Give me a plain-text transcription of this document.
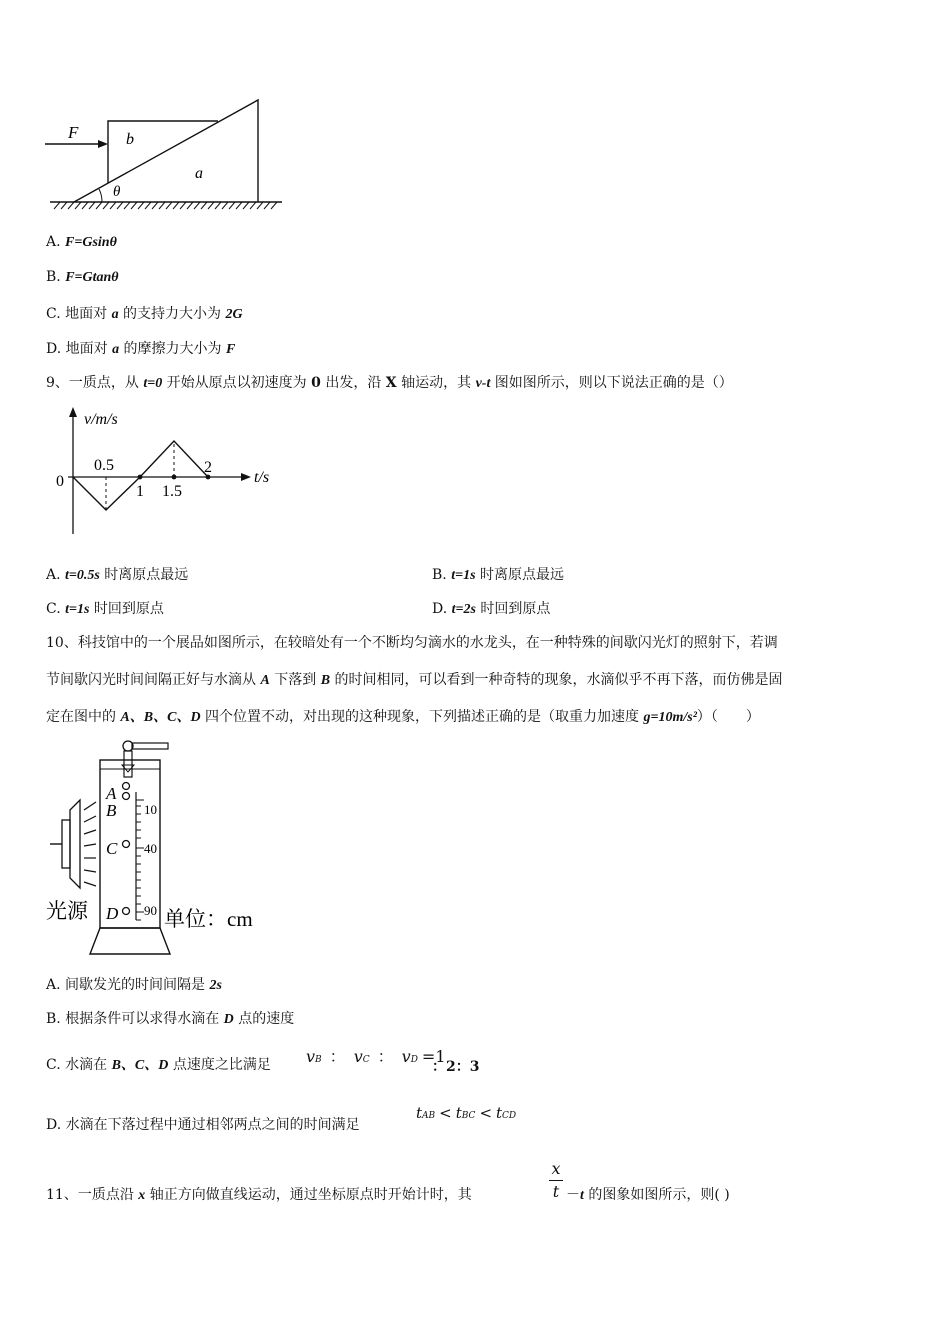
F	b
a
θ
A. F=Gsinθ
B. F=Gtanθ
C. 地面对 a 的支持力大小为 2G
D. 地面对 a 的摩擦力大小为 F
9、一质点，从 t=0 开始从原点以初速度为 0 出发，沿 X 轴运动，其 v-t 图如图所示，则以下说法正确的是（）
v/m/s
t/s
0
0.5
1 1.5
2
A. t=0.5s 时离原点最远	B. t=1s 时离原点最远
C. t=1s 时回到原点	D. t=2s 时回到原点
10、科技馆中的一个展品如图所示，在较暗处有一个不断均匀滴水的水龙头，在一种特殊的间歇闪光灯的照射下，若调
节间歇闪光时间间隔正好与水滴从 A 下落到 B 的时间相同，可以看到一种奇特的现象，水滴似乎不再下落，而仿佛是固
定在图中的 A、B、C、D 四个位置不动，对出现的这种现象，下列描述正确的是（取重力加速度 g=10m/s²）（　　）
10
40
90
A
B
C
D
光源	单位：cm
A. 间歇发光的时间间隔是 2s
B. 根据条件可以求得水滴在 D 点的速度
C. 水滴在 B、C、D 点速度之比满足 vB ： vC ： vD =1
：2：3
D. 水滴在下落过程中通过相邻两点之间的时间满足
tAB < tBC < tCD
11、一质点沿 x 轴正方向做直线运动，通过坐标原点时开始计时，其
x
t －t 的图象如图所示，则( )
